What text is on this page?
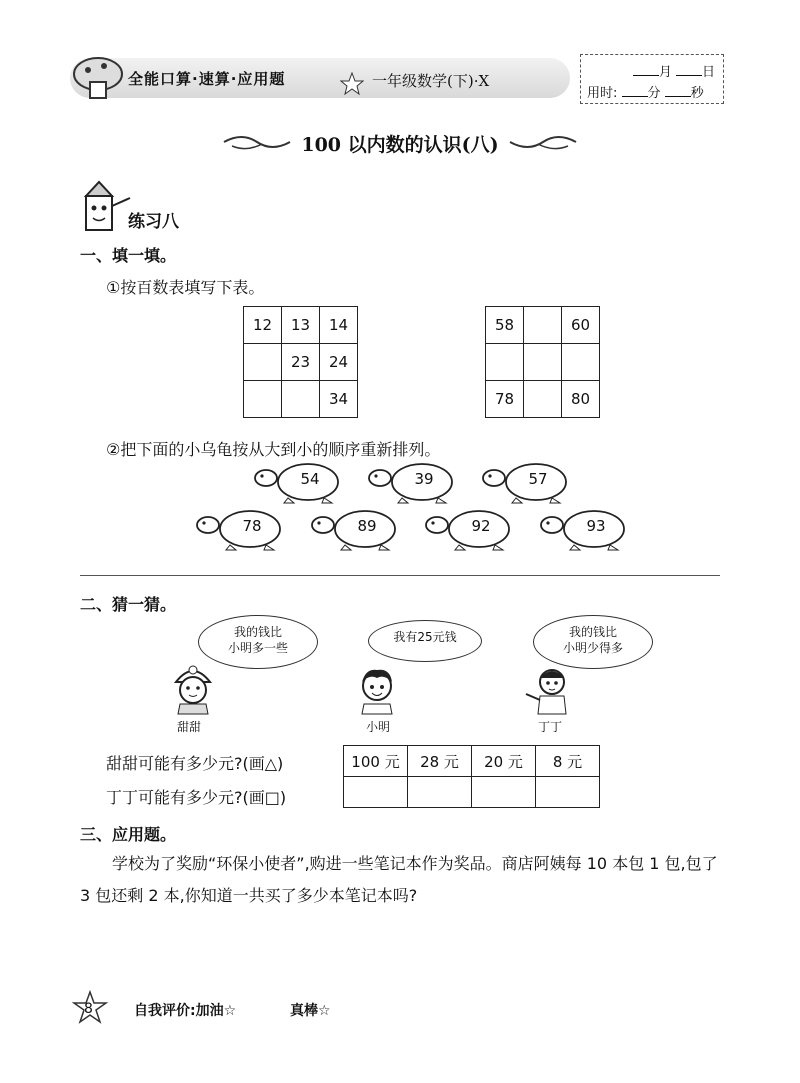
全能口算·速算·应用题	一年级数学(下)·X	月 日
用时: 分 秒
100 以内数的认识(八)
练习八
一、填一填。
①按百数表填写下表。
12	13	14
	23	24
		34
58		60

78		80
②把下面的小乌龟按从大到小的顺序重新排列。
54	39	57
78	89	92	93
二、猜一猜。
我的钱比
小明多一些
我有25元钱	我的钱比
小明少得多
甜甜	小明	丁丁
甜甜可能有多少元?(画△)
丁丁可能有多少元?(画□)
100 元	28 元	20 元	8 元

三、应用题。
学校为了奖励“环保小使者”,购进一些笔记本作为奖品。商店阿姨每 10 本包 1 包,包了 3 包还剩 2 本,你知道一共买了多少本笔记本吗?
8	自我评价:加油☆	真棒☆
